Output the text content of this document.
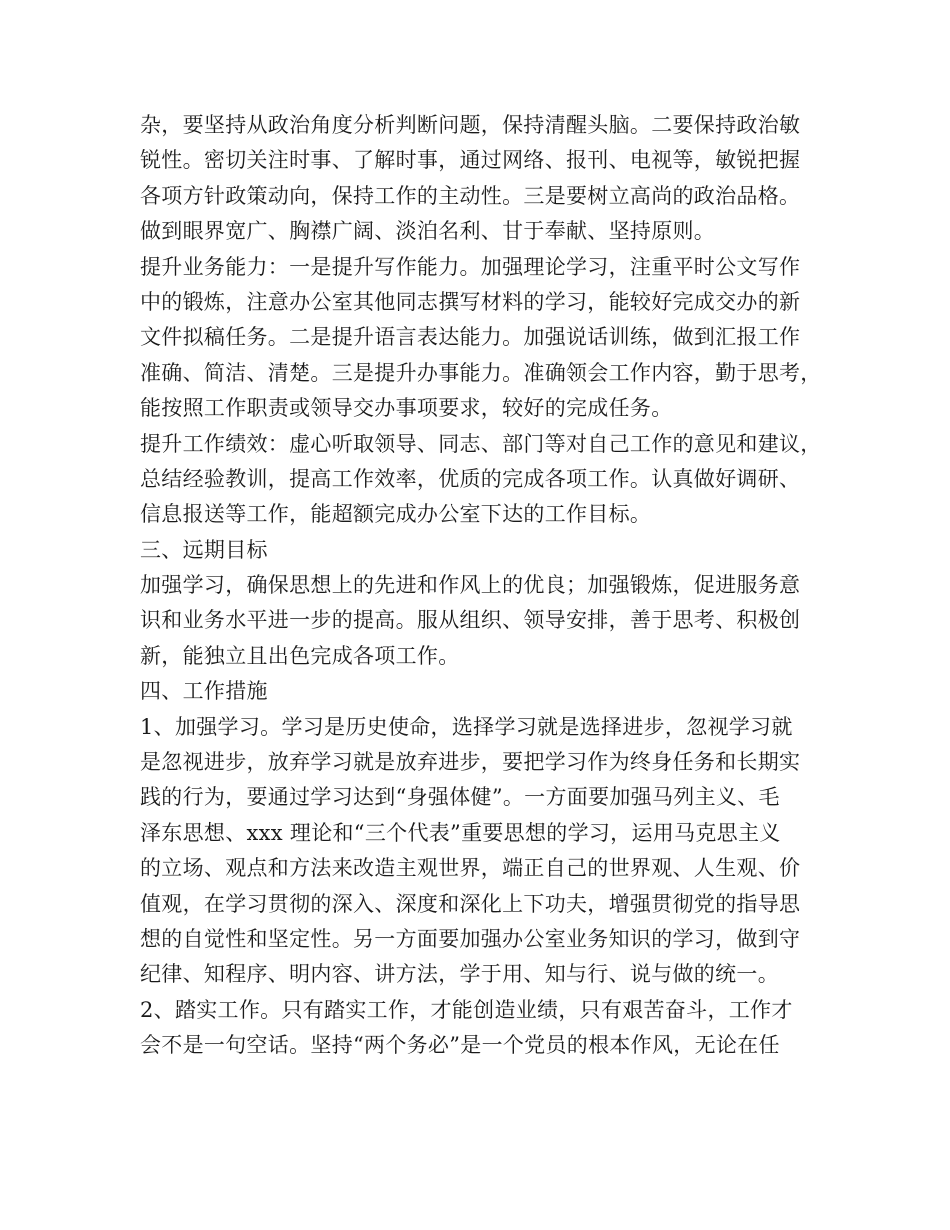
杂，要坚持从政治角度分析判断问题，保持清醒头脑。二要保持政治敏
锐性。密切关注时事、了解时事，通过网络、报刊、电视等，敏锐把握
各项方针政策动向，保持工作的主动性。三是要树立高尚的政治品格。
做到眼界宽广、胸襟广阔、淡泊名利、甘于奉献、坚持原则。
提升业务能力：一是提升写作能力。加强理论学习，注重平时公文写作
中的锻炼，注意办公室其他同志撰写材料的学习，能较好完成交办的新
文件拟稿任务。二是提升语言表达能力。加强说话训练，做到汇报工作
准确、简洁、清楚。三是提升办事能力。准确领会工作内容，勤于思考，
能按照工作职责或领导交办事项要求，较好的完成任务。
提升工作绩效：虚心听取领导、同志、部门等对自己工作的意见和建议，
总结经验教训，提高工作效率，优质的完成各项工作。认真做好调研、
信息报送等工作，能超额完成办公室下达的工作目标。
三、远期目标
加强学习，确保思想上的先进和作风上的优良；加强锻炼，促进服务意
识和业务水平进一步的提高。服从组织、领导安排，善于思考、积极创
新，能独立且出色完成各项工作。
四、工作措施
1、加强学习。学习是历史使命，选择学习就是选择进步，忽视学习就
是忽视进步，放弃学习就是放弃进步，要把学习作为终身任务和长期实
践的行为，要通过学习达到“身强体健”。一方面要加强马列主义、毛
泽东思想、xxx 理论和“三个代表”重要思想的学习，运用马克思主义
的立场、观点和方法来改造主观世界，端正自己的世界观、人生观、价
值观，在学习贯彻的深入、深度和深化上下功夫，增强贯彻党的指导思
想的自觉性和坚定性。另一方面要加强办公室业务知识的学习，做到守
纪律、知程序、明内容、讲方法，学于用、知与行、说与做的统一。
2、踏实工作。只有踏实工作，才能创造业绩，只有艰苦奋斗，工作才
会不是一句空话。坚持“两个务必”是一个党员的根本作风，无论在任
